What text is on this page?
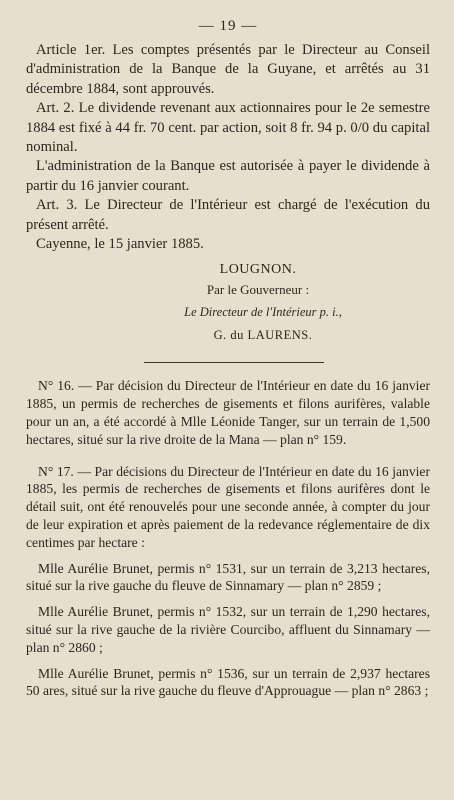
— 19 —

Article 1er. Les comptes présentés par le Directeur au Conseil d'administration de la Banque de la Guyane, et arrêtés au 31 décembre 1884, sont approuvés.

Art. 2. Le dividende revenant aux actionnaires pour le 2e semestre 1884 est fixé à 44 fr. 70 cent. par action, soit 8 fr. 94 p. 0/0 du capital nominal.

L'administration de la Banque est autorisée à payer le dividende à partir du 16 janvier courant.

Art. 3. Le Directeur de l'Intérieur est chargé de l'exécution du présent arrêté.

Cayenne, le 15 janvier 1885.

LOUGNON.
Par le Gouverneur :
Le Directeur de l'Intérieur p. i.,
G. du LAURENS.

N° 16. — Par décision du Directeur de l'Intérieur en date du 16 janvier 1885, un permis de recherches de gisements et filons aurifères, valable pour un an, a été accordé à Mlle Léonide Tanger, sur un terrain de 1,500 hectares, situé sur la rive droite de la Mana — plan n° 159.

N° 17. — Par décisions du Directeur de l'Intérieur en date du 16 janvier 1885, les permis de recherches de gisements et filons aurifères dont le détail suit, ont été renouvelés pour une seconde année, à compter du jour de leur expiration et après paiement de la redevance réglementaire de dix centimes par hectare :

Mlle Aurélie Brunet, permis n° 1531, sur un terrain de 3,213 hectares, situé sur la rive gauche du fleuve de Sinnamary — plan n° 2859 ;

Mlle Aurélie Brunet, permis n° 1532, sur un terrain de 1,290 hectares, situé sur la rive gauche de la rivière Courcibo, affluent du Sinnamary — plan n° 2860 ;

Mlle Aurélie Brunet, permis n° 1536, sur un terrain de 2,937 hectares 50 ares, situé sur la rive gauche du fleuve d'Approuague — plan n° 2863 ;
